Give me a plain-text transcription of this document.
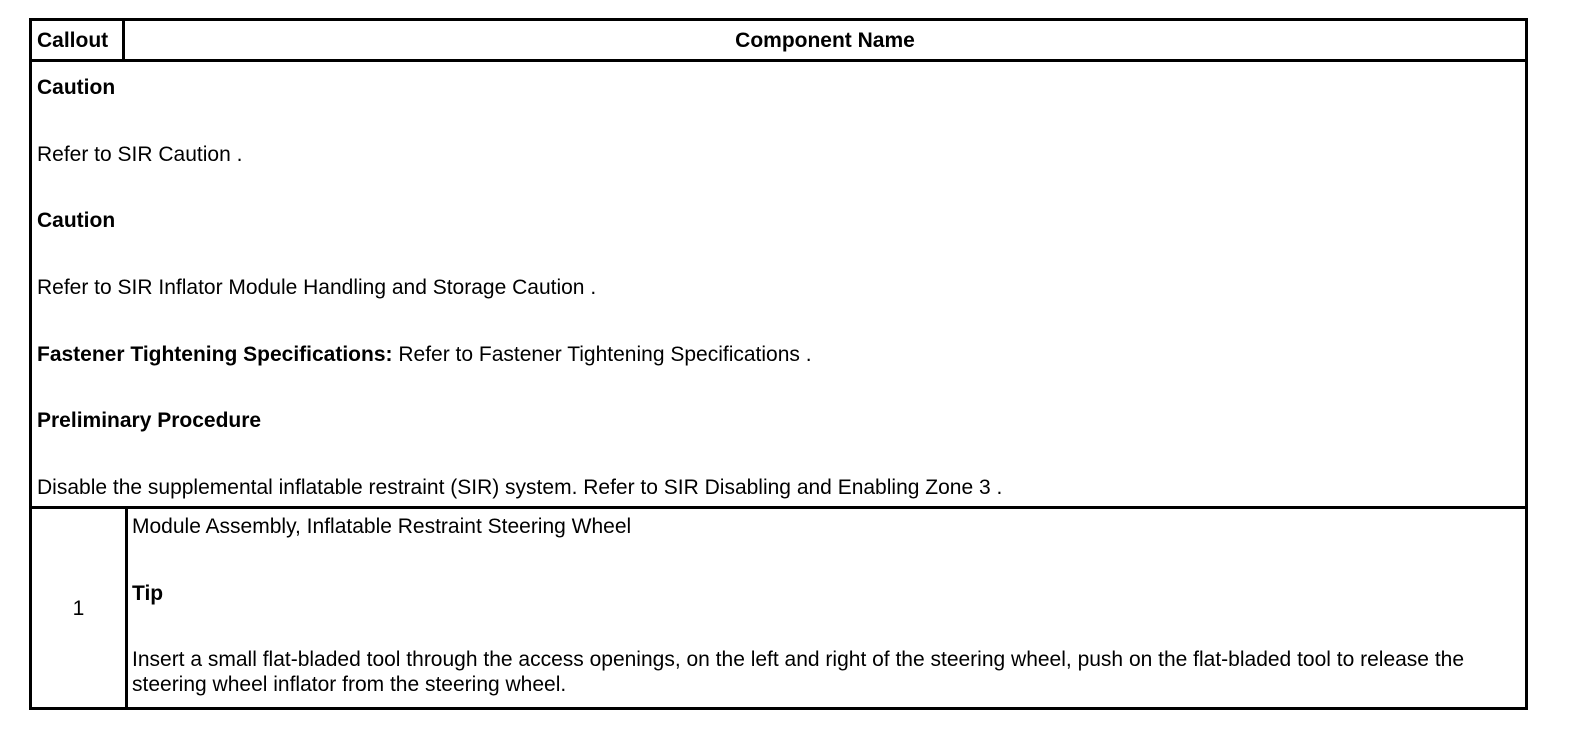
Callout	Component Name
Caution
Refer to SIR Caution .
Caution
Refer to SIR Inflator Module Handling and Storage Caution .
Fastener Tightening Specifications: Refer to Fastener Tightening Specifications .
Preliminary Procedure
Disable the supplemental inflatable restraint (SIR) system. Refer to SIR Disabling and Enabling Zone 3 .
1
Module Assembly, Inflatable Restraint Steering Wheel
Tip
Insert a small flat-bladed tool through the access openings, on the left and right of the steering wheel, push on the flat-bladed tool to release the steering wheel inflator from the steering wheel.
